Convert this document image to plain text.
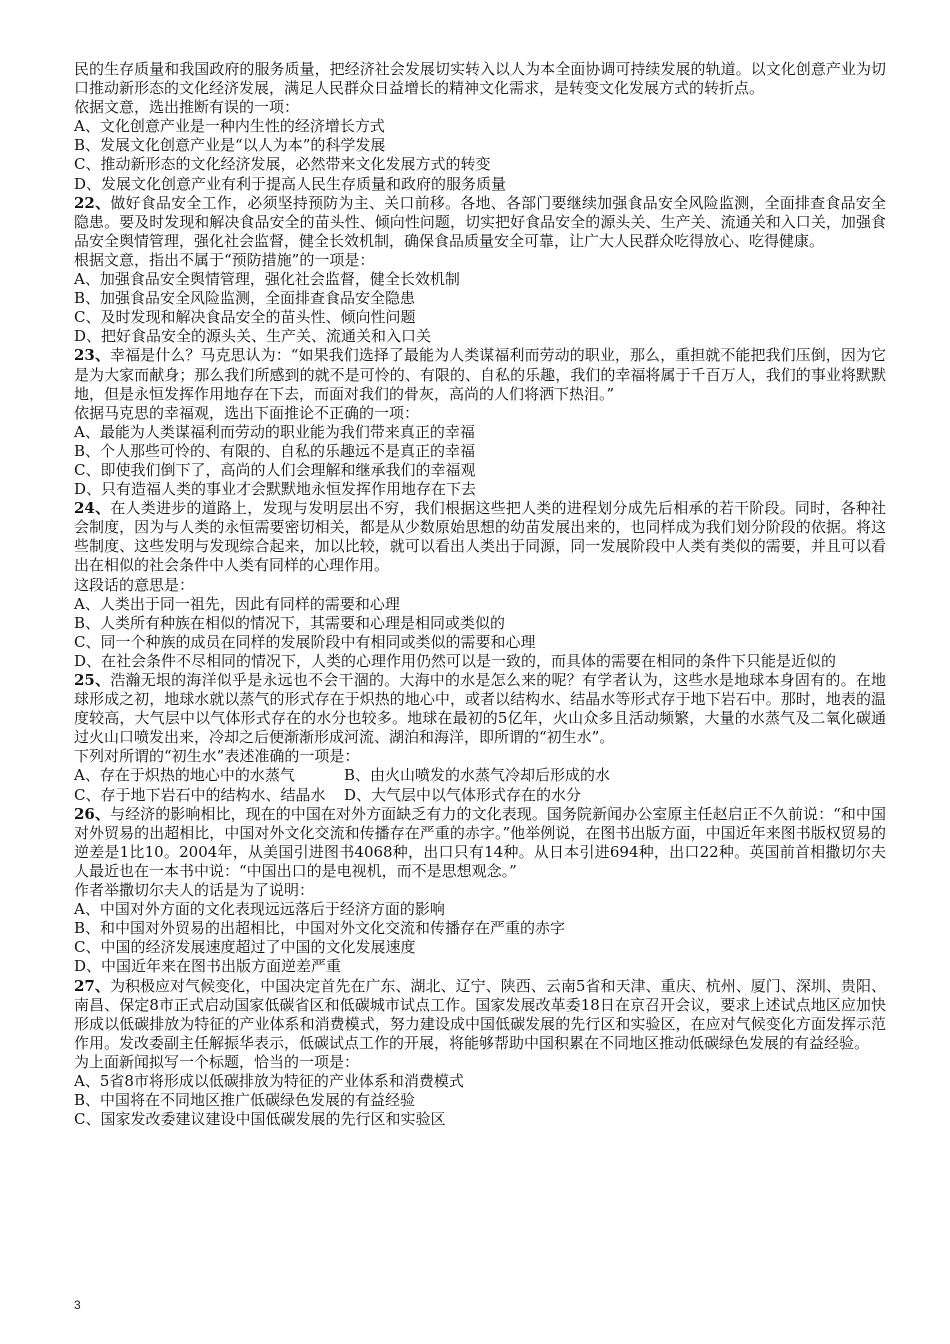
民的生存质量和我国政府的服务质量，把经济社会发展切实转入以人为本全面协调可持续发展的轨道。以文化创意产业为切口推动新形态的文化经济发展，满足人民群众日益增长的精神文化需求，是转变文化发展方式的转折点。

依据文意，选出推断有误的一项：

A、文化创意产业是一种内生性的经济增长方式

B、发展文化创意产业是“以人为本”的科学发展

C、推动新形态的文化经济发展，必然带来文化发展方式的转变

D、发展文化创意产业有利于提高人民生存质量和政府的服务质量

22、做好食品安全工作，必须坚持预防为主、关口前移。各地、各部门要继续加强食品安全风险监测，全面排查食品安全隐患。要及时发现和解决食品安全的苗头性、倾向性问题，切实把好食品安全的源头关、生产关、流通关和入口关，加强食品安全舆情管理，强化社会监督，健全长效机制，确保食品质量安全可靠，让广大人民群众吃得放心、吃得健康。

根据文意，指出不属于“预防措施”的一项是：

A、加强食品安全舆情管理，强化社会监督，健全长效机制

B、加强食品安全风险监测，全面排查食品安全隐患

C、及时发现和解决食品安全的苗头性、倾向性问题

D、把好食品安全的源头关、生产关、流通关和入口关

23、幸福是什么？马克思认为：“如果我们选择了最能为人类谋福利而劳动的职业，那么，重担就不能把我们压倒，因为它是为大家而献身；那么我们所感到的就不是可怜的、有限的、自私的乐趣，我们的幸福将属于千百万人，我们的事业将默默地，但是永恒发挥作用地存在下去，而面对我们的骨灰，高尚的人们将洒下热泪。”

依据马克思的幸福观，选出下面推论不正确的一项：

A、最能为人类谋福利而劳动的职业能为我们带来真正的幸福

B、个人那些可怜的、有限的、自私的乐趣远不是真正的幸福

C、即使我们倒下了，高尚的人们会理解和继承我们的幸福观

D、只有造福人类的事业才会默默地永恒发挥作用地存在下去

24、在人类进步的道路上，发现与发明层出不穷，我们根据这些把人类的进程划分成先后相承的若干阶段。同时，各种社会制度，因为与人类的永恒需要密切相关，都是从少数原始思想的幼苗发展出来的，也同样成为我们划分阶段的依据。将这些制度、这些发明与发现综合起来，加以比较，就可以看出人类出于同源，同一发展阶段中人类有类似的需要，并且可以看出在相似的社会条件中人类有同样的心理作用。

这段话的意思是：

A、人类出于同一祖先，因此有同样的需要和心理

B、人类所有种族在相似的情况下，其需要和心理是相同或类似的

C、同一个种族的成员在同样的发展阶段中有相同或类似的需要和心理

D、在社会条件不尽相同的情况下，人类的心理作用仍然可以是一致的，而具体的需要在相同的条件下只能是近似的

25、浩瀚无垠的海洋似乎是永远也不会干涸的。大海中的水是怎么来的呢？有学者认为，这些水是地球本身固有的。在地球形成之初，地球水就以蒸气的形式存在于炽热的地心中，或者以结构水、结晶水等形式存于地下岩石中。那时，地表的温度较高，大气层中以气体形式存在的水分也较多。地球在最初的5亿年，火山众多且活动频繁，大量的水蒸气及二氧化碳通过火山口喷发出来，冷却之后便渐渐形成河流、湖泊和海洋，即所谓的“初生水”。

下列对所谓的“初生水”表述准确的一项是：

A、存在于炽热的地心中的水蒸气	B、由火山喷发的水蒸气冷却后形成的水
C、存于地下岩石中的结构水、结晶水	D、大气层中以气体形式存在的水分

26、与经济的影响相比，现在的中国在对外方面缺乏有力的文化表现。国务院新闻办公室原主任赵启正不久前说：“和中国对外贸易的出超相比，中国对外文化交流和传播存在严重的赤字。”他举例说，在图书出版方面，中国近年来图书版权贸易的逆差是1比10。2004年，从美国引进图书4068种，出口只有14种。从日本引进694种，出口22种。英国前首相撒切尔夫人最近也在一本书中说：“中国出口的是电视机，而不是思想观念。”

作者举撒切尔夫人的话是为了说明：

A、中国对外方面的文化表现远远落后于经济方面的影响

B、和中国对外贸易的出超相比，中国对外文化交流和传播存在严重的赤字

C、中国的经济发展速度超过了中国的文化发展速度

D、中国近年来在图书出版方面逆差严重

27、为积极应对气候变化，中国决定首先在广东、湖北、辽宁、陕西、云南5省和天津、重庆、杭州、厦门、深圳、贵阳、南昌、保定8市正式启动国家低碳省区和低碳城市试点工作。国家发展改革委18日在京召开会议，要求上述试点地区应加快形成以低碳排放为特征的产业体系和消费模式，努力建设成中国低碳发展的先行区和实验区，在应对气候变化方面发挥示范作用。发改委副主任解振华表示，低碳试点工作的开展，将能够帮助中国积累在不同地区推动低碳绿色发展的有益经验。

为上面新闻拟写一个标题，恰当的一项是：

A、5省8市将形成以低碳排放为特征的产业体系和消费模式

B、中国将在不同地区推广低碳绿色发展的有益经验

C、国家发改委建议建设中国低碳发展的先行区和实验区

3
